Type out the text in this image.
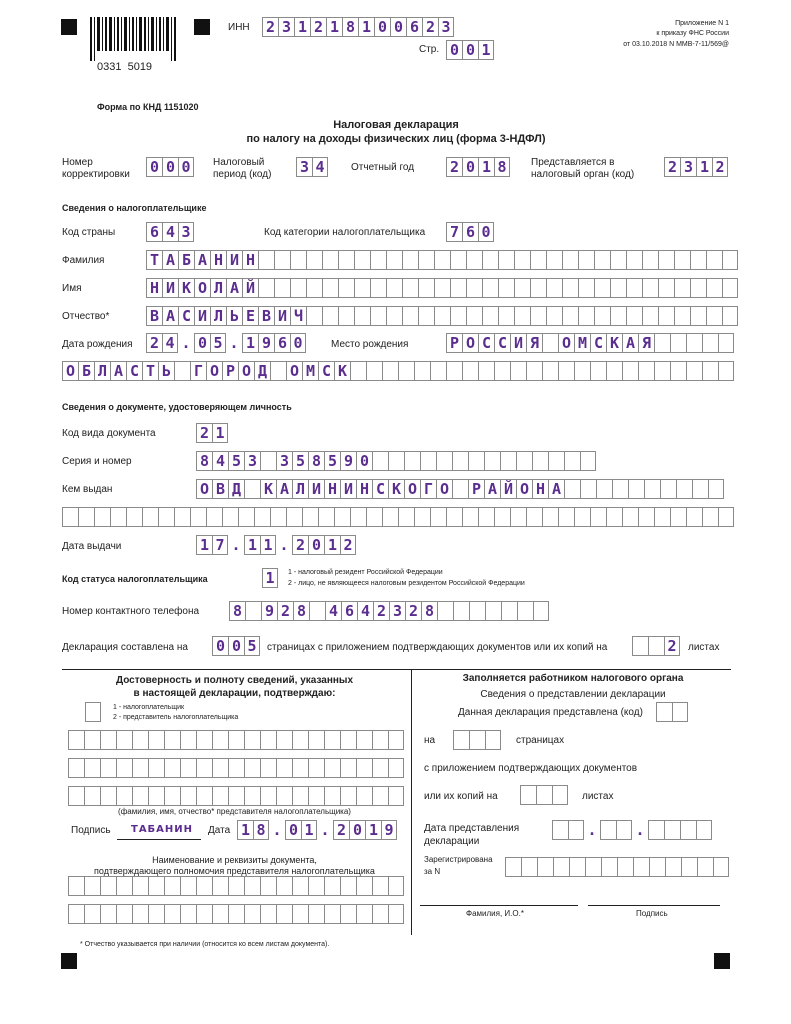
0331  5019
ИНН 2 3 1 2 1 8 1 0 0 6 2 3
Стр. 0 0 1
Приложение N 1
к приказу ФНС России
от 03.10.2018 N ММВ-7-11/569@
Форма по КНД 1151020
Налоговая декларация
по налогу на доходы физических лиц (форма 3-НДФЛ)
Номер
корректировки 0 0 0	Налоговый
период (код) 3 4	Отчетный год 2 0 1 8	Представляется в
налоговый орган (код) 2 3 1 2
Сведения о налогоплательщике
Код страны 6 4 3	Код категории налогоплательщика 7 6 0
Фамилия	Т А Б А Н И Н
Имя	Н И К О Л А Й
Отчество*	В А С И Л Ь Е В И Ч
Дата рождения 2 4 . 0 5 . 1 9 6 0	Место рождения	Р О С С И Я О М С К А Я
О Б Л А С Т Ь Г О Р О Д О М С К
Сведения о документе, удостоверяющем личность
Код вида документа	2 1
Серия и номер	8 4 5 3 3 5 8 5 9 0
Кем выдан	О В Д К А Л И Н И Н С К О Г О Р А Й О Н А
Дата выдачи	1 7 . 1 1 . 2 0 1 2
Код статуса налогоплательщика	1	1 - налоговый резидент Российской Федерации
2 - лицо, не являющееся налоговым резидентом Российской Федерации
Номер контактного телефона 8 9 2 8 4 6 4 2 3 2 8
Декларация составлена на 0 0 5	страницах с приложением подтверждающих документов или их копий на	2	листах
Достоверность и полноту сведений, указанных
в настоящей декларации, подтверждаю:
1 - налогоплательщик
2 - представитель налогоплательщика
(фамилия, имя, отчество* представителя налогоплательщика)
Подпись ТАБАНИН Дата 1 8 . 0 1 . 2 0 1 9
Наименование и реквизиты документа,
подтверждающего полномочия представителя налогоплательщика
Заполняется работником налогового органа
Сведения о представлении декларации
Данная декларация представлена (код)
на	страницах
с приложением подтверждающих документов
или их копий на	листах
Дата представления
декларации
.	.
Зарегистрирована
за N
Фамилия, И.О.*	Подпись
* Отчество указывается при наличии (относится ко всем листам документа).
